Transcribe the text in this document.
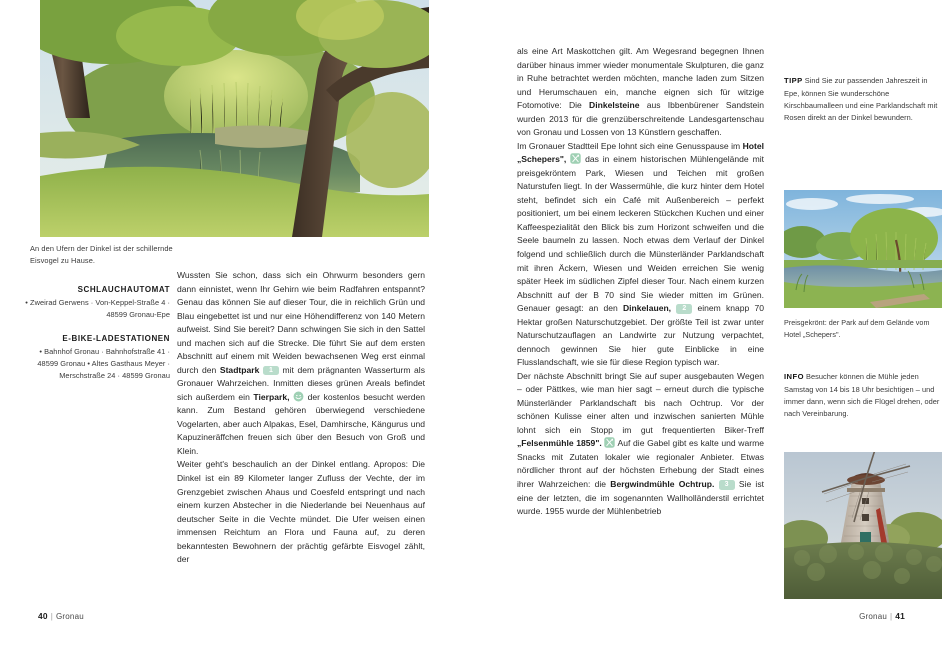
An den Ufern der Dinkel ist der schillernde Eisvogel zu Hause.
SCHLAUCHAUTOMAT
• Zweirad Gerwens · Von-Keppel-Straße 4 · 48599 Gronau-Epe
E-BIKE-LADESTATIONEN
• Bahnhof Gronau · Bahnhofstraße 41 · 48599 Gronau • Altes Gasthaus Meyer · Merschstraße 24 · 48599 Gronau

Wussten Sie schon, dass sich ein Ohrwurm besonders gern dann einnistet, wenn Ihr Gehirn wie beim Radfahren entspannt? Genau das können Sie auf dieser Tour, die in reichlich Grün und Blau eingebettet ist und nur eine Höhendifferenz von 140 Metern aufweist. Sind Sie bereit? Dann schwingen Sie sich in den Sattel und machen sich auf die Strecke. Die führt Sie auf dem ersten Abschnitt auf einem mit Weiden bewachsenen Weg erst einmal durch den Stadtpark 1 mit dem prägnanten Wasserturm als Gronauer Wahrzeichen. Inmitten dieses grünen Areals befindet sich außerdem ein Tierpark,
der kostenlos besucht werden kann. Zum Bestand gehören überwiegend verschiedene Vogelarten, aber auch Alpakas, Esel, Damhirsche, Kängurus und Kapuzineräffchen freuen sich über den Besuch von Groß und Klein.

Weiter geht's beschaulich an der Dinkel entlang. Apropos: Die Dinkel ist ein 89 Kilometer langer Zufluss der Vechte, der im Grenzgebiet zwischen Ahaus und Coesfeld entspringt und nach einem kurzen Abstecher in die Niederlande bei Neuenhaus auf deutscher Seite in die Vechte mündet. Die Ufer weisen einen immensen Reichtum an Flora und Fauna auf, zu deren bekanntesten Bewohnern der prächtig gefärbte Eisvogel zählt, der

40 | Gronau

als eine Art Maskottchen gilt. Am Wegesrand begegnen Ihnen darüber hinaus immer wieder monumentale Skulpturen, die ganz in Ruhe betrachtet werden möchten, manche laden zum Sitzen und Herumschauen ein, manche eignen sich für witzige Fotomotive: Die Dinkelsteine aus Ibbenbürener Sandstein wurden 2013 für die grenzüberschreitende Landesgartenschau von Gronau und Lossen von 13 Künstlern geschaffen.

Im Gronauer Stadtteil Epe lohnt sich eine Genusspause im Hotel „Schepers",
das in einem historischen Mühlengelände mit preisgekröntem Park, Wiesen und Teichen mit großen Naturstufen liegt. In der Wassermühle, die kurz hinter dem Hotel steht, befindet sich ein Café mit Außenbereich – perfekt positioniert, um bei einem leckeren Stückchen Kuchen und einer Kaffeespezialität den Blick bis zum Horizont schweifen und die Seele baumeln zu lassen. Noch etwas dem Verlauf der Dinkel folgend und schließlich durch die Münsterländer Parklandschaft mit ihren Äckern, Wiesen und Weiden erreichen Sie wenig später Heek im südlichen Zipfel dieser Tour. Nach einem kurzen Abschnitt auf der B 70 sind Sie wieder mitten im Grünen. Genauer gesagt: an den Dinkelauen, 2 einem knapp 70 Hektar großen Naturschutzgebiet. Der größte Teil ist zwar unter Naturschutzauflagen an Landwirte zur Nutzung verpachtet, dennoch gewinnen Sie hier gute Einblicke in eine Flusslandschaft, wie sie für diese Region typisch war.

Der nächste Abschnitt bringt Sie auf super ausgebauten Wegen – oder Pättkes, wie man hier sagt – erneut durch die typische Münsterländer Parklandschaft bis nach Ochtrup. Vor der schönen Kulisse einer alten und inzwischen sanierten Mühle lohnt sich ein Stopp im gut frequentierten Biker-Treff „Felsenmühle 1859".
Auf die Gabel gibt es kalte und warme Snacks mit Zutaten lokaler wie regionaler Anbieter. Etwas nördlicher thront auf der höchsten Erhebung der Stadt eines ihrer Wahrzeichen: die Bergwindmühle Ochtrup. 3 Sie ist eine der letzten, die im sogenannten Wallholländerstil errichtet wurde. 1955 wurde der Mühlenbetrieb

Gronau | 41
TIPP Sind Sie zur passenden Jahreszeit in Epe, können Sie wunderschöne Kirschbaumalleen und eine Parklandschaft mit Rosen direkt an der Dinkel bewundern.
Preisgekrönt: der Park auf dem Gelände vom Hotel „Schepers".
INFO Besucher können die Mühle jeden Samstag von 14 bis 18 Uhr besichtigen – und immer dann, wenn sich die Flügel drehen, oder nach Vereinbarung.
